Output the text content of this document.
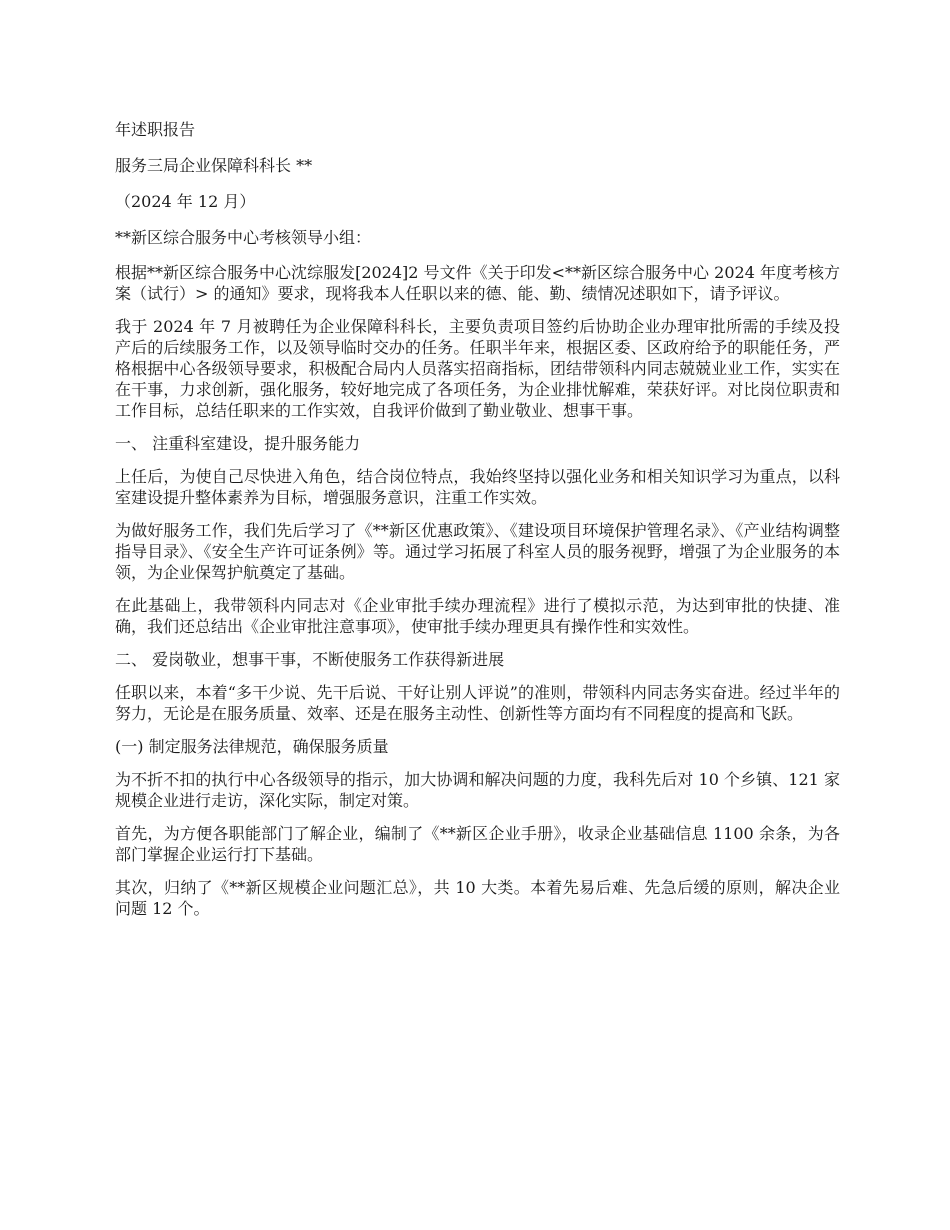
年述职报告

服务三局企业保障科科长 **

（2024 年 12 月）

**新区综合服务中心考核领导小组：

根据**新区综合服务中心沈综服发[2024]2 号文件《关于印发<**新区综合服务中心 2024 年度考核方案（试行）> 的通知》要求，现将我本人任职以来的德、能、勤、绩情况述职如下，请予评议。

我于 2024 年 7 月被聘任为企业保障科科长，主要负责项目签约后协助企业办理审批所需的手续及投产后的后续服务工作，以及领导临时交办的任务。任职半年来，根据区委、区政府给予的职能任务，严格根据中心各级领导要求，积极配合局内人员落实招商指标，团结带领科内同志兢兢业业工作，实实在在干事，力求创新，强化服务，较好地完成了各项任务，为企业排忧解难，荣获好评。对比岗位职责和工作目标，总结任职来的工作实效，自我评价做到了勤业敬业、想事干事。

一、 注重科室建设，提升服务能力

上任后，为使自己尽快进入角色，结合岗位特点，我始终坚持以强化业务和相关知识学习为重点，以科室建设提升整体素养为目标，增强服务意识，注重工作实效。

为做好服务工作，我们先后学习了《**新区优惠政策》、《建设项目环境保护管理名录》、《产业结构调整指导目录》、《安全生产许可证条例》等。通过学习拓展了科室人员的服务视野，增强了为企业服务的本领，为企业保驾护航奠定了基础。

在此基础上，我带领科内同志对《企业审批手续办理流程》进行了模拟示范，为达到审批的快捷、准确，我们还总结出《企业审批注意事项》，使审批手续办理更具有操作性和实效性。

二、 爱岗敬业，想事干事，不断使服务工作获得新进展

任职以来，本着“多干少说、先干后说、干好让别人评说”的准则，带领科内同志务实奋进。经过半年的努力，无论是在服务质量、效率、还是在服务主动性、创新性等方面均有不同程度的提高和飞跃。

(一) 制定服务法律规范，确保服务质量

为不折不扣的执行中心各级领导的指示，加大协调和解决问题的力度，我科先后对 10 个乡镇、121 家规模企业进行走访，深化实际，制定对策。

首先，为方便各职能部门了解企业，编制了《**新区企业手册》，收录企业基础信息 1100 余条，为各部门掌握企业运行打下基础。

其次，归纳了《**新区规模企业问题汇总》，共 10 大类。本着先易后难、先急后缓的原则，解决企业问题 12 个。
